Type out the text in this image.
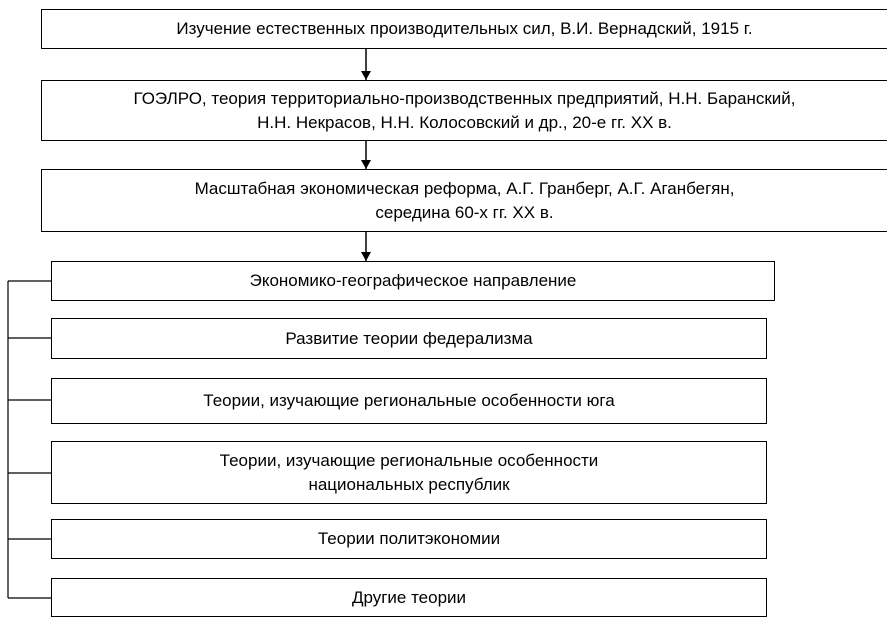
Изучение естественных производительных сил, В.И. Вернадский, 1915 г.
ГОЭЛРО, теория территориально-производственных предприятий, Н.Н. Баранский,
Н.Н. Некрасов, Н.Н. Колосовский и др., 20-е гг. XX в.
Масштабная экономическая реформа, А.Г. Гранберг, А.Г. Аганбегян,
середина 60-х гг. XX в.
Экономико-географическое направление
Развитие теории федерализма
Теории, изучающие региональные особенности юга
Теории, изучающие региональные особенности
национальных республик
Теории политэкономии
Другие теории
